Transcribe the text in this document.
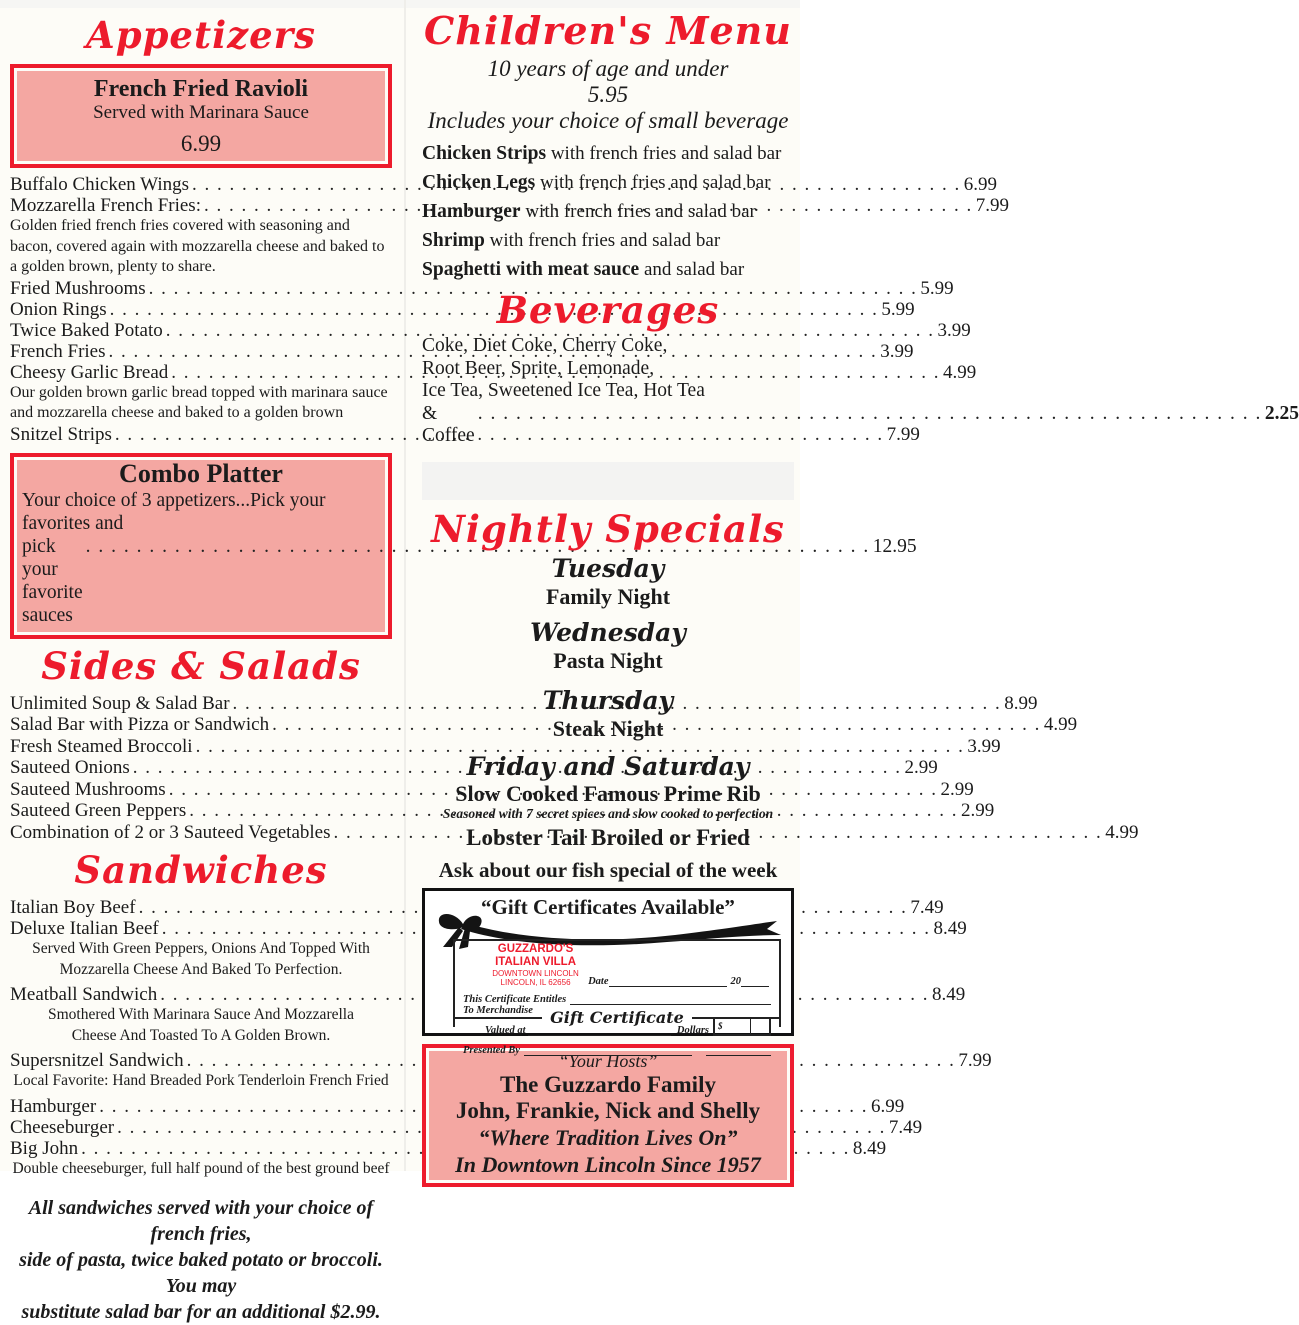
Appetizers
French Fried Ravioli
Served with Marinara Sauce
6.99
Buffalo Chicken Wings . . .	6.99
Mozzarella French Fries: . . .	7.99
Golden fried french fries covered with seasoning and bacon, covered again with mozzarella cheese and baked to a golden brown, plenty to share.
Fried Mushrooms . . .	5.99
Onion Rings . . .	5.99
Twice Baked Potato . . .	3.99
French Fries . . .	3.99
Cheesy Garlic Bread . . .	4.99
Our golden brown garlic bread topped with marinara sauce and mozzarella cheese and baked to a golden brown
Snitzel Strips . . .	7.99
Combo Platter
Your choice of 3 appetizers...Pick your favorites and
pick your favorite sauces
. . .
12.95
Sides & Salads
Unlimited Soup & Salad Bar . . .	8.99
Salad Bar with Pizza or Sandwich . . .	4.99
Fresh Steamed Broccoli . . .	3.99
Sauteed Onions . . .	2.99
Sauteed Mushrooms . . .	2.99
Sauteed Green Peppers . . .	2.99
Combination of 2 or 3 Sauteed Vegetables . . .	4.99
Sandwiches
Italian Boy Beef . . .	7.49
Deluxe Italian Beef . . .	8.49
Served With Green Peppers, Onions And Topped With Mozzarella Cheese And Baked To Perfection.
Meatball Sandwich . . .	8.49
Smothered With Marinara Sauce And Mozzarella Cheese And Toasted To A Golden Brown.
Supersnitzel Sandwich . . .	7.99
Local Favorite: Hand Breaded Pork Tenderloin French Fried
Hamburger . . .	6.99
Cheeseburger . . .	7.49
Big John . . .	8.49
Double cheeseburger, full half pound of the best ground beef
All sandwiches served with your choice of french fries,
side of pasta, twice baked potato or broccoli. You may
substitute salad bar for an additional $2.99.
Children's Menu
10 years of age and under
5.95
Includes your choice of small beverage
Chicken Strips with french fries and salad bar
Chicken Legs with french fries and salad bar
Hamburger with french fries and salad bar
Shrimp with french fries and salad bar
Spaghetti with meat sauce and salad bar
Beverages
Coke, Diet Coke, Cherry Coke,
Root Beer, Sprite, Lemonade,
Ice Tea, Sweetened Ice Tea, Hot Tea
& Coffee
. . .
2.25
Nightly Specials
Tuesday
Family Night
Wednesday
Pasta Night
Thursday
Steak Night
Friday and Saturday
Slow Cooked Famous Prime Rib
Seasoned with 7 secret spices and slow cooked to perfection
Lobster Tail Broiled or Fried
Ask about our fish special of the week
“Gift Certificates Available”
GUZZARDO'S ITALIAN VILLA
DOWNTOWN LINCOLN
LINCOLN, IL 62656	Date	20
This Certificate Entitles
To Merchandise
Valued at	Dollars $
Presented By
Gift Certificate
“Your Hosts”
The Guzzardo Family
John, Frankie, Nick and Shelly
“Where Tradition Lives On”
In Downtown Lincoln Since 1957
